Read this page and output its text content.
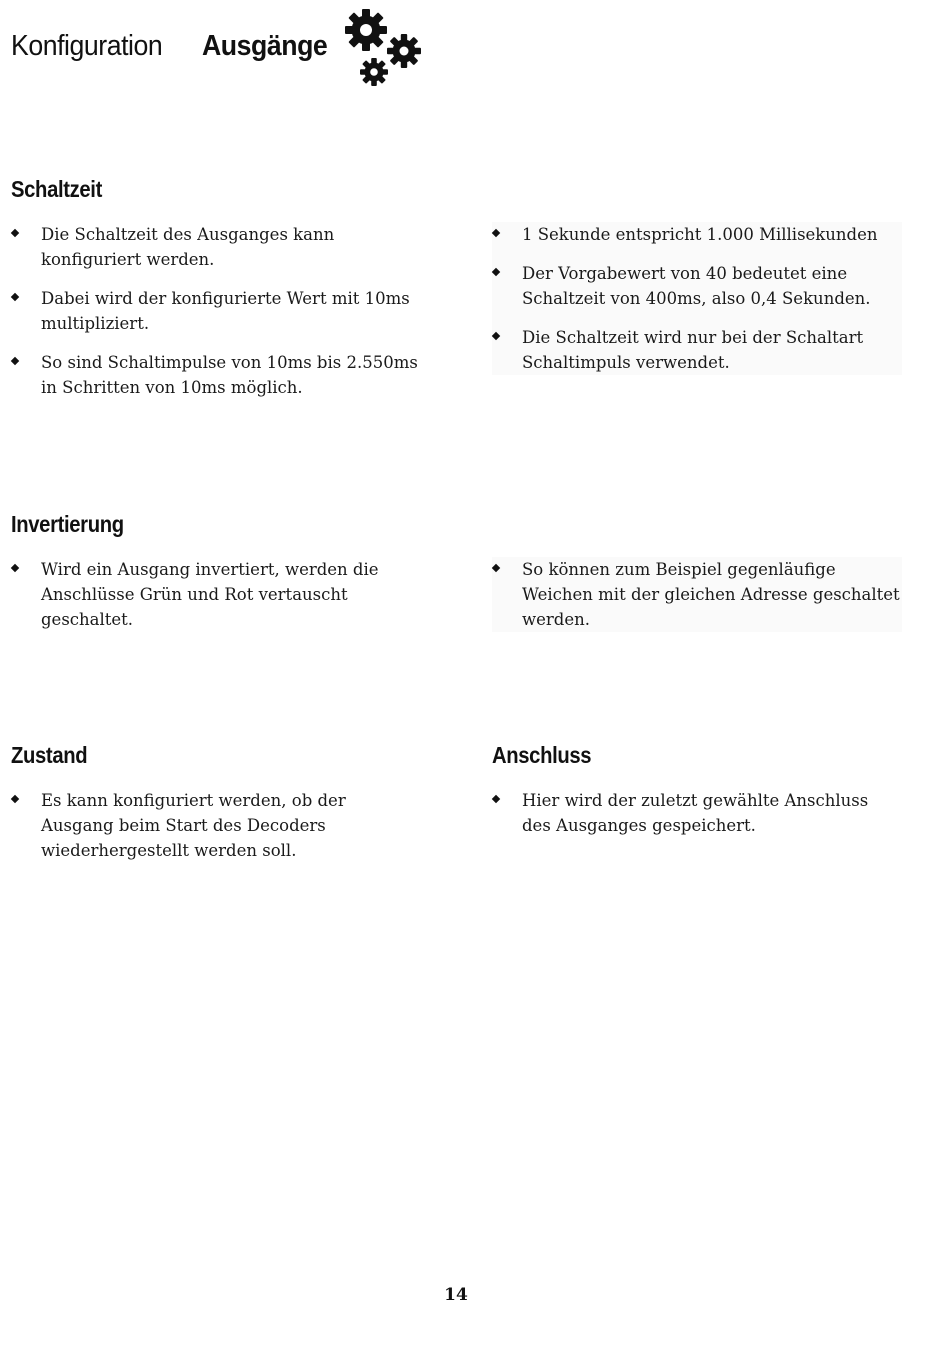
Konfiguration Ausgänge
Schaltzeit
Die Schaltzeit des Ausganges kann konfiguriert werden.
Dabei wird der konfigurierte Wert mit 10ms multipliziert.
So sind Schaltimpulse von 10ms bis 2.550ms in Schritten von 10ms möglich.
1 Sekunde entspricht 1.000 Millisekunden
Der Vorgabewert von 40 bedeutet eine Schaltzeit von 400ms, also 0,4 Sekunden.
Die Schaltzeit wird nur bei der Schaltart Schaltimpuls verwendet.
Invertierung
Wird ein Ausgang invertiert, werden die Anschlüsse Grün und Rot vertauscht geschaltet.
So können zum Beispiel gegenläufige Weichen mit der gleichen Adresse geschaltet werden.
Zustand
Es kann konfiguriert werden, ob der Ausgang beim Start des Decoders wiederhergestellt werden soll.
Anschluss
Hier wird der zuletzt gewählte Anschluss des Ausganges gespeichert.
14
